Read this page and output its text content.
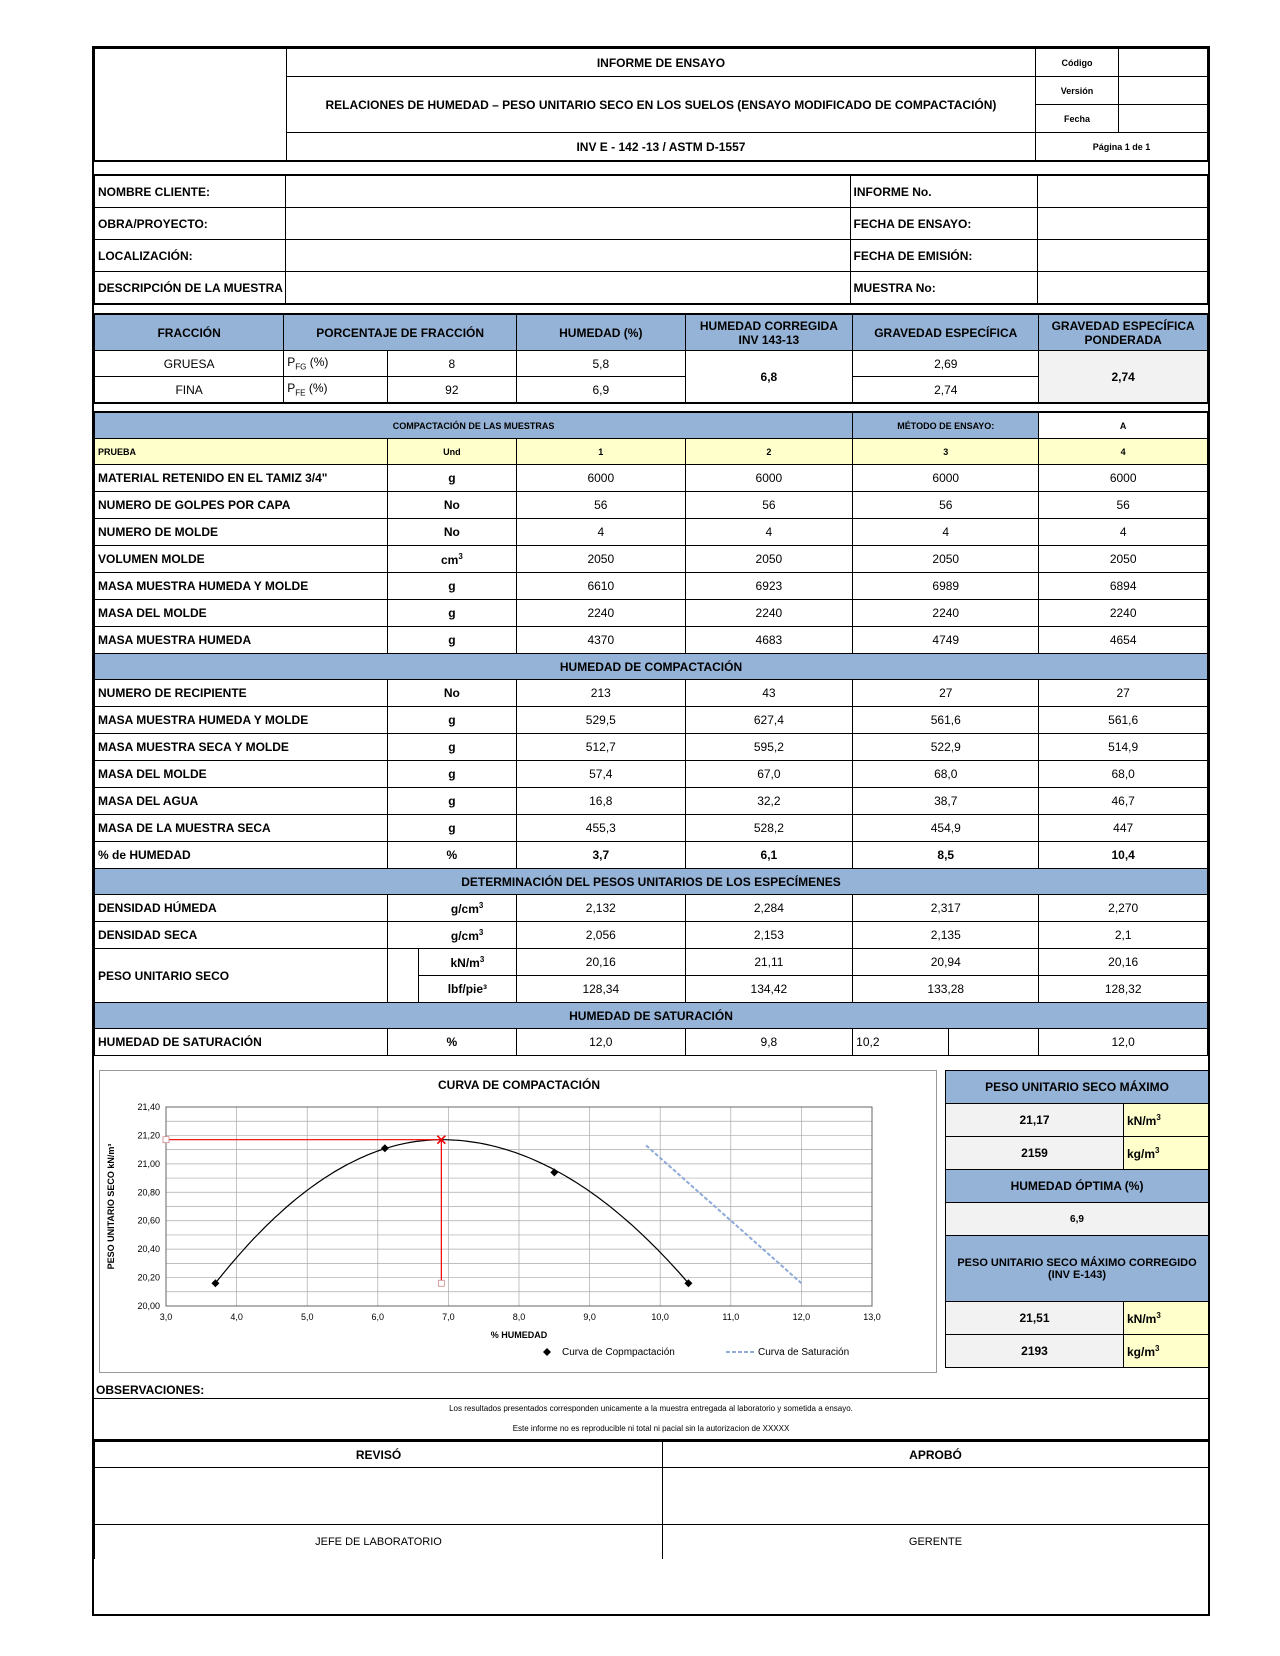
	INFORME DE ENSAYO	Código	
	RELACIONES DE HUMEDAD – PESO UNITARIO SECO EN LOS SUELOS (ENSAYO MODIFICADO DE COMPACTACIÓN)	Versión	
		Fecha	
	INV E - 142 -13 / ASTM D-1557	Página 1 de 1	
NOMBRE CLIENTE:		INFORME No.	
OBRA/PROYECTO:		FECHA DE ENSAYO:	
LOCALIZACIÓN:		FECHA DE EMISIÓN:	
DESCRIPCIÓN DE LA MUESTRA		MUESTRA No:	
FRACCIÓN	PORCENTAJE DE FRACCIÓN		HUMEDAD (%)	HUMEDAD CORREGIDA INV 143-13	GRAVEDAD ESPECÍFICA	GRAVEDAD ESPECÍFICA PONDERADA
GRUESA	$P_{FG}$ (%)	8	5,8	6,8	2,69	2,74
FINA	$P_{FE}$ (%)	92	6,9		2,74	
COMPACTACIÓN DE LAS MUESTRAS					MÉTODO DE ENSAYO:		A
PRUEBA	Und		1	2	3		4
MATERIAL RETENIDO EN EL TAMIZ 3/4"	g		6000	6000	6000		6000
NUMERO DE GOLPES POR CAPA	No		56	56	56		56
NUMERO DE MOLDE	No		4	4	4		4
VOLUMEN MOLDE	$cm^3$		2050	2050	2050		2050
MASA MUESTRA HUMEDA Y MOLDE	g		6610	6923	6989		6894
MASA DEL MOLDE	g		2240	2240	2240		2240
MASA MUESTRA HUMEDA	g		4370	4683	4749		4654
HUMEDAD DE COMPACTACIÓN							
NUMERO DE RECIPIENTE	No		213	43	27		27
MASA MUESTRA HUMEDA Y MOLDE	g		529,5	627,4	561,6		561,6
MASA MUESTRA SECA Y MOLDE	g		512,7	595,2	522,9		514,9
MASA DEL MOLDE	g		57,4	67,0	68,0		68,0
MASA DEL AGUA	g		16,8	32,2	38,7		46,7
MASA DE LA MUESTRA SECA	g		455,3	528,2	454,9		447
% de HUMEDAD	%		3,7	6,1	8,5		10,4
DETERMINACIÓN DEL PESOS UNITARIOS DE LOS ESPECÍMENES							
DENSIDAD HÚMEDA		$g/cm^3$	2,132	2,284	2,317		2,270
DENSIDAD SECA		$g/cm^3$	2,056	2,153	2,135		2,1
PESO UNITARIO SECO		$kN/m^3$	20,16	21,11	20,94		20,16
		lbf/pie³	128,34	134,42	133,28		128,32
HUMEDAD DE SATURACIÓN							
HUMEDAD DE SATURACIÓN	%		12,0	9,8	10,2		12,0
CURVA DE COMPACTACIÓN
20,00
20,20
20,40
20,60
20,80
21,00
21,20
21,40
3,0	4,0	5,0	6,0	7,0	8,0	9,0	10,0	11,0	12,0	13,0
% HUMEDAD
PESO UNITARIO SECO kN/m³
Curva de Copmpactación	Curva de Saturación
PESO UNITARIO SECO MÁXIMO	
21,17	$kN/m^3$
2159	$kg/m^3$
HUMEDAD ÓPTIMA (%)	
6,9	
PESO UNITARIO SECO MÁXIMO CORREGIDO (INV E-143)	
21,51	$kN/m^3$
2193	$kg/m^3$
OBSERVACIONES:
Los resultados presentados corresponden unicamente a la muestra entregada al laboratorio y sometida a ensayo.
Este informe no es reproducible ni total ni pacial sin la autorizacion de XXXXX
REVISÓ	APROBÓ

JEFE DE LABORATORIO	GERENTE
